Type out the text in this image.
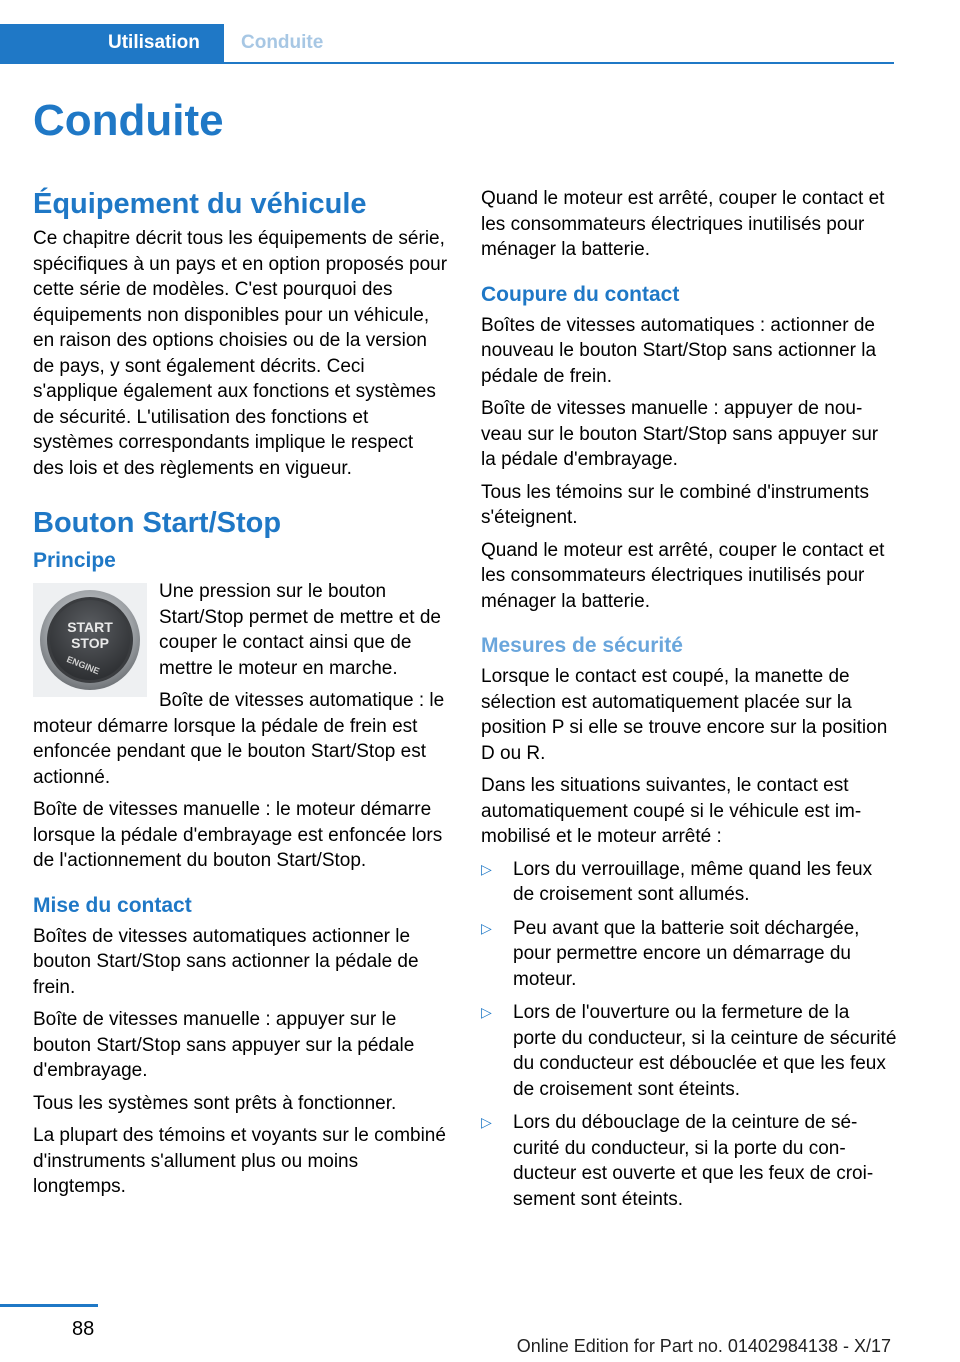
Utilisation	Conduite
Conduite
Équipement du véhicule

Ce chapitre décrit tous les équipements de série, spécifiques à un pays et en option proposés pour cette série de modèles. C'est pourquoi des équipements non disponibles pour un véhicule, en raison des options choisies ou de la version de pays, y sont également décrits. Ceci s'applique également aux fonctions et systèmes de sécurité. L'utilisation des fonctions et systèmes correspondants implique le respect des lois et des règlements en vigueur.

Bouton Start/Stop
Principe
START
STOP
ENGINE

Une pression sur le bouton Start/Stop permet de mettre et de couper le contact ainsi que de mettre le moteur en marche.

Boîte de vitesses automatique : le moteur démarre lorsque la pédale de frein est enfoncée pendant que le bouton Start/Stop est actionné.

Boîte de vitesses manuelle : le moteur démarre lorsque la pédale d'embrayage est enfoncée lors de l'actionnement du bouton Start/Stop.

Mise du contact

Boîtes de vitesses automatiques actionner le bouton Start/Stop sans actionner la pédale de frein.

Boîte de vitesses manuelle : appuyer sur le bouton Start/Stop sans appuyer sur la pédale d'embrayage.

Tous les systèmes sont prêts à fonctionner.

La plupart des témoins et voyants sur le combiné d'instruments s'allument plus ou moins longtemps.

Quand le moteur est arrêté, couper le contact et les consommateurs électriques inutilisés pour ménager la batterie.

Coupure du contact

Boîtes de vitesses automatiques : actionner de nouveau le bouton Start/Stop sans actionner la pédale de frein.

Boîte de vitesses manuelle : appuyer de nouveau sur le bouton Start/Stop sans appuyer sur la pédale d'embrayage.

Tous les témoins sur le combiné d'instruments s'éteignent.

Quand le moteur est arrêté, couper le contact et les consommateurs électriques inutilisés pour ménager la batterie.

Mesures de sécurité

Lorsque le contact est coupé, la manette de sélection est automatiquement placée sur la position P si elle se trouve encore sur la position D ou R.

Dans les situations suivantes, le contact est automatiquement coupé si le véhicule est immobilisé et le moteur arrêté :

▷ Lors du verrouillage, même quand les feux de croisement sont allumés.
▷ Peu avant que la batterie soit déchargée, pour permettre encore un démarrage du moteur.
▷ Lors de l'ouverture ou la fermeture de la porte du conducteur, si la ceinture de sécurité du conducteur est débouclée et que les feux de croisement sont éteints.
▷ Lors du débouclage de la ceinture de sécurité du conducteur, si la porte du conducteur est ouverte et que les feux de croisement sont éteints.
88
Online Edition for Part no. 01402984138 - X/17
